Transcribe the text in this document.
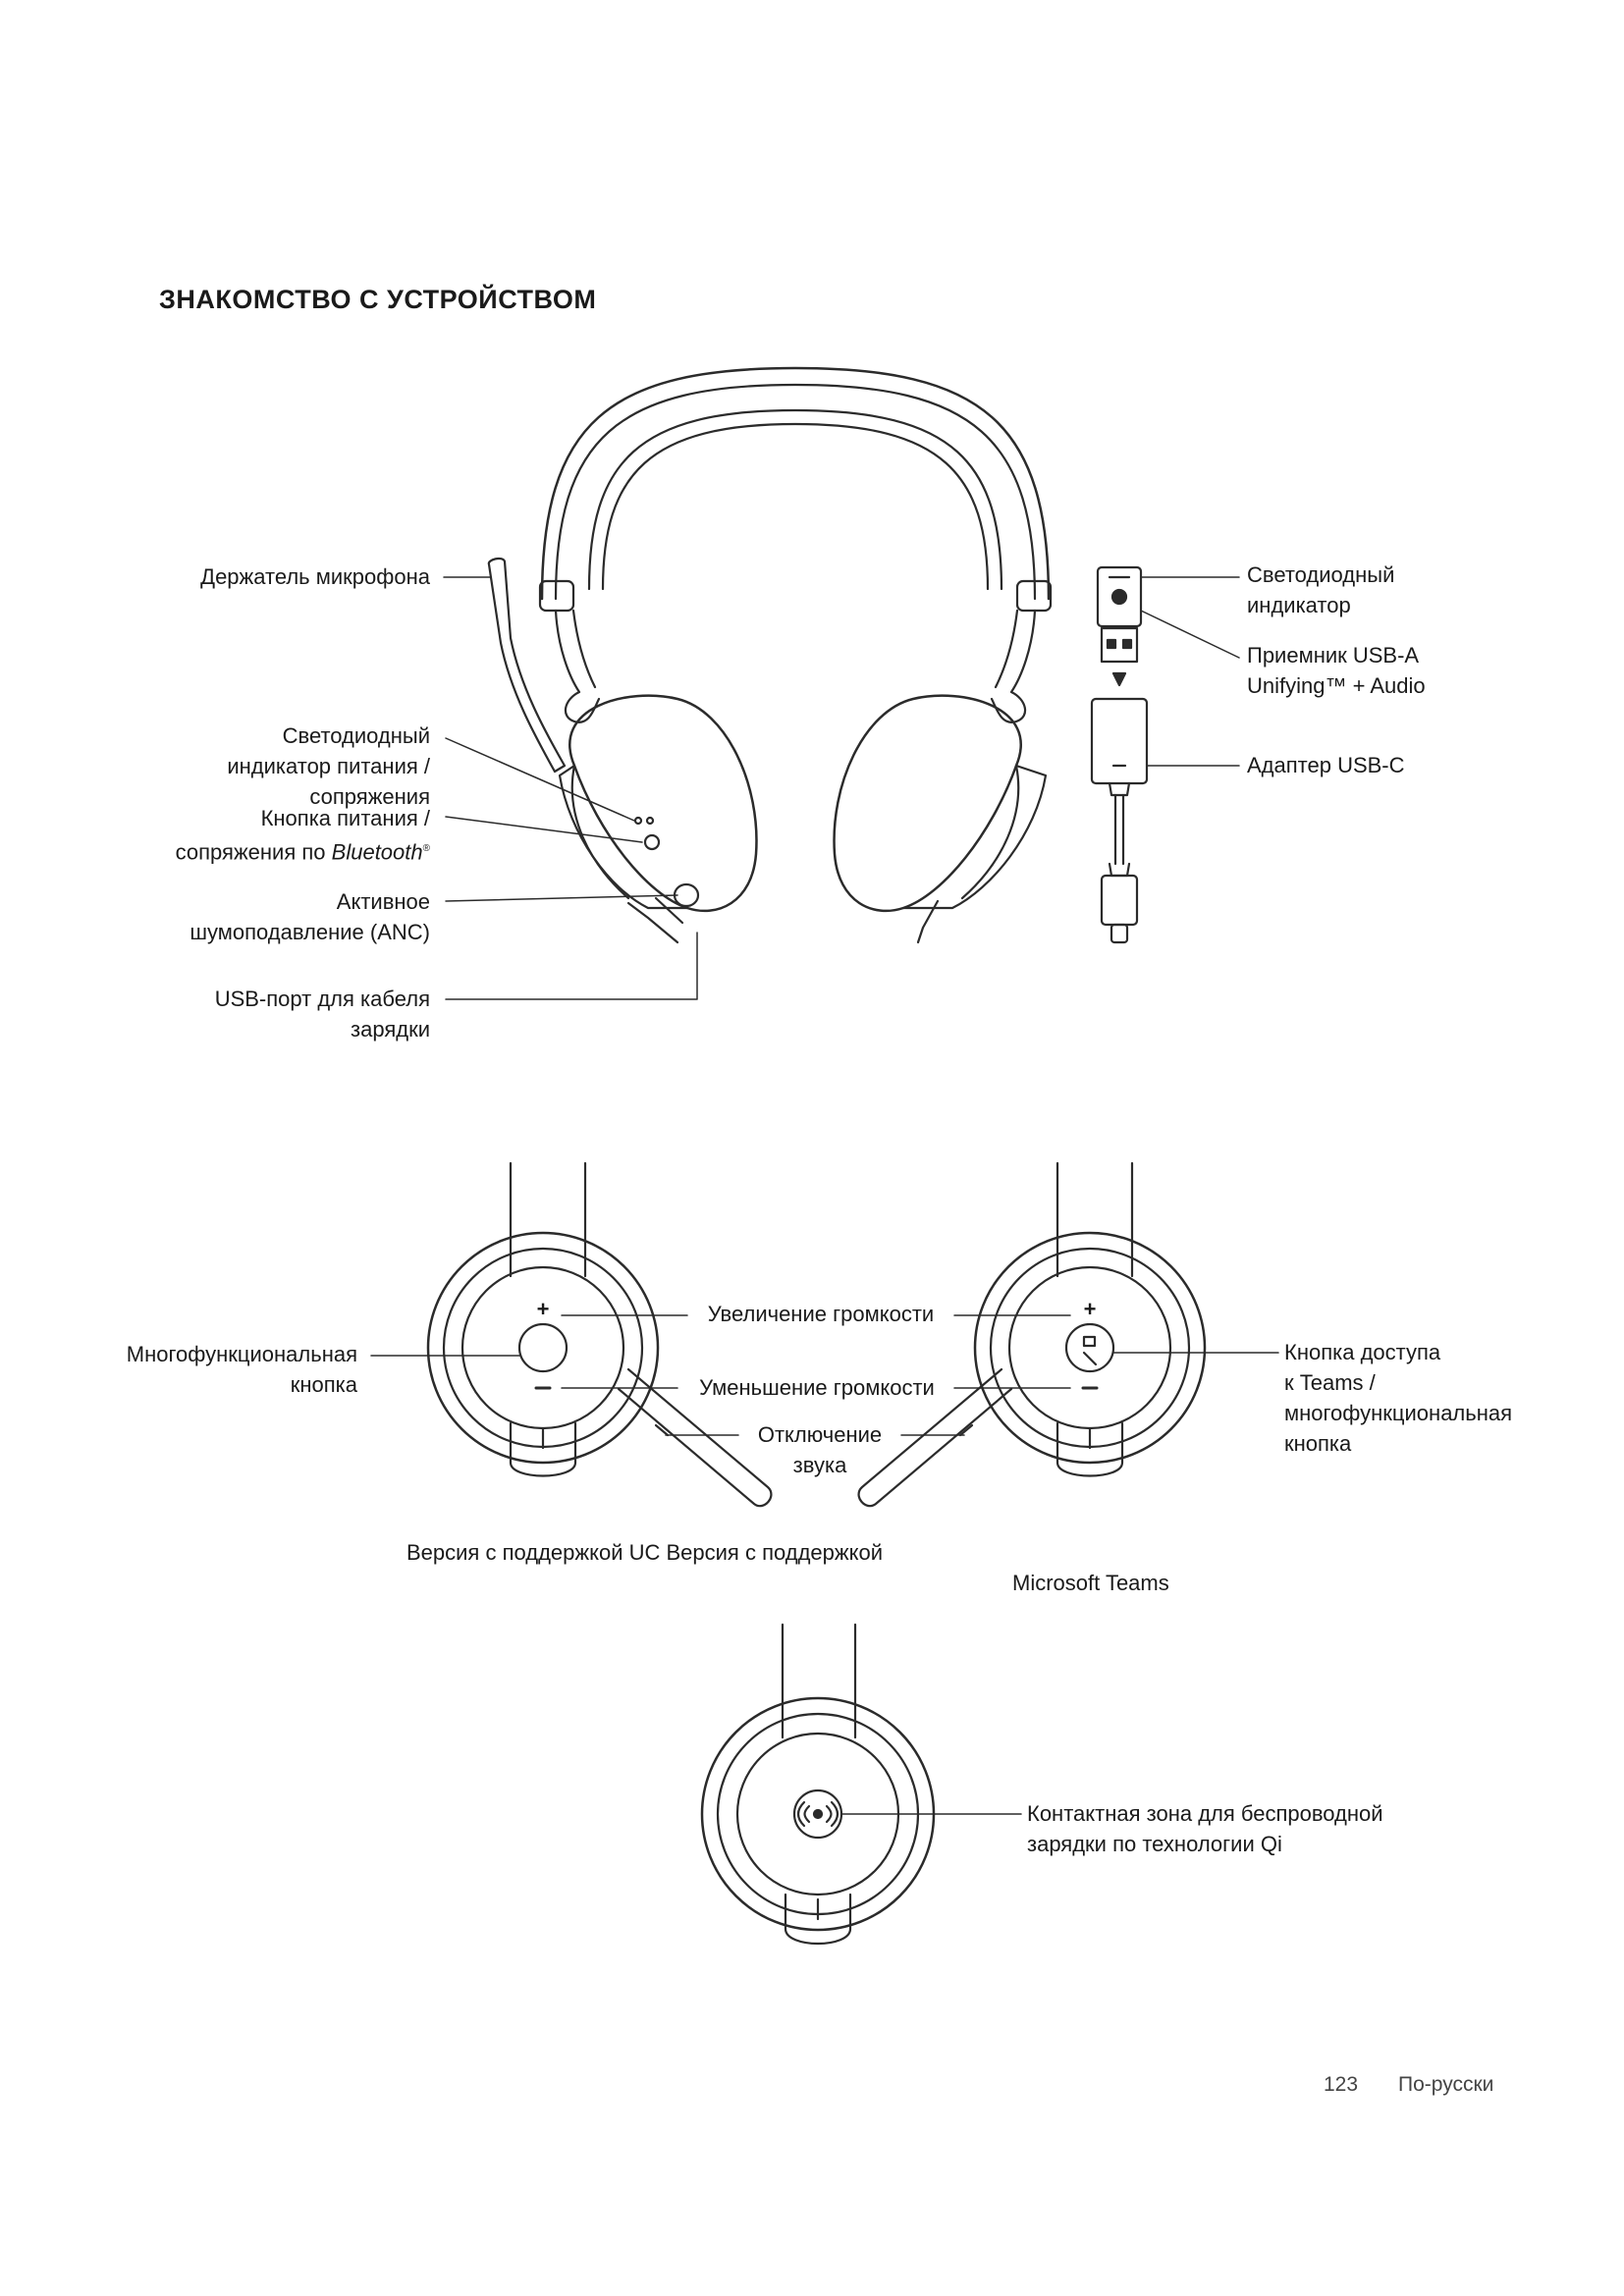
ЗНАКОМСТВО С УСТРОЙСТВОМ
+	+
Держатель микрофона
Светодиодный
индикатор питания /
сопряжения
Кнопка питания /
сопряжения по Bluetooth®
Активное
шумоподавление (ANC)
USB-порт для кабеля
зарядки
Светодиодный
индикатор
Приемник USB-A
Unifying™ + Audio
Адаптер USB-C
Многофункциональная
кнопка
Увеличение громкости
Уменьшение громкости
Отключение
звука
Кнопка доступа
к Teams /
многофункциональная
кнопка
Версия с поддержкой UC Версия с поддержкой
Microsoft Teams
Контактная зона для беспроводной
зарядки по технологии Qi
123 По-русски
